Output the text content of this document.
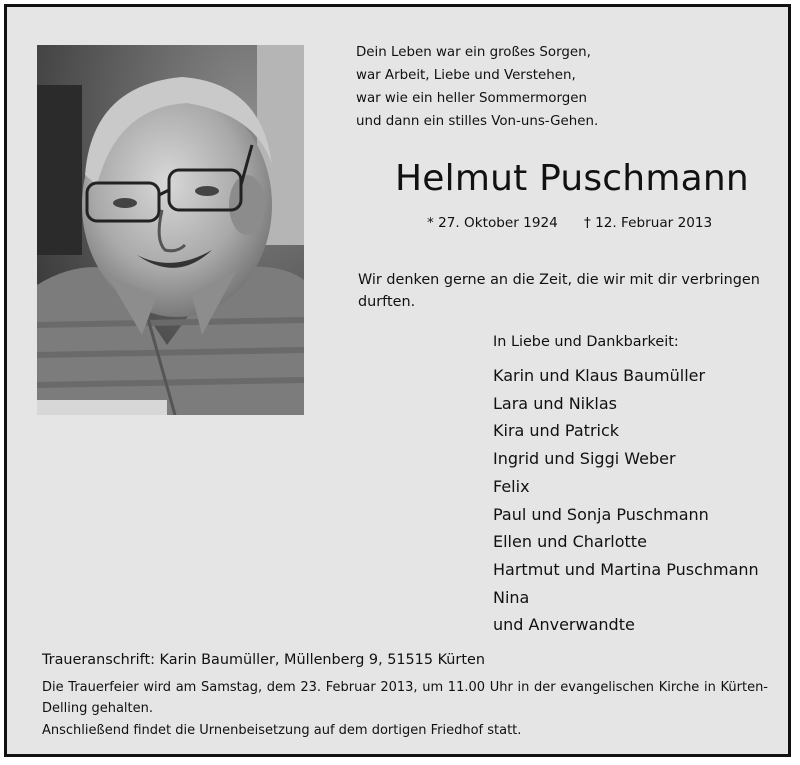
Dein Leben war ein großes Sorgen,
war Arbeit, Liebe und Verstehen,
war wie ein heller Sommermorgen
und dann ein stilles Von-uns-Gehen.
Helmut Puschmann
* 27. Oktober 1924 † 12. Februar 2013
Wir denken gerne an die Zeit, die wir mit dir verbringen durften.
In Liebe und Dankbarkeit:
Karin und Klaus Baumüller
Lara und Niklas
Kira und Patrick
Ingrid und Siggi Weber
Felix
Paul und Sonja Puschmann
Ellen und Charlotte
Hartmut und Martina Puschmann
Nina
und Anverwandte
Traueranschrift: Karin Baumüller, Müllenberg 9, 51515 Kürten
Die Trauerfeier wird am Samstag, dem 23. Februar 2013, um 11.00 Uhr in der evangelischen Kirche in Kürten-Delling gehalten.
Anschließend findet die Urnenbeisetzung auf dem dortigen Friedhof statt.
